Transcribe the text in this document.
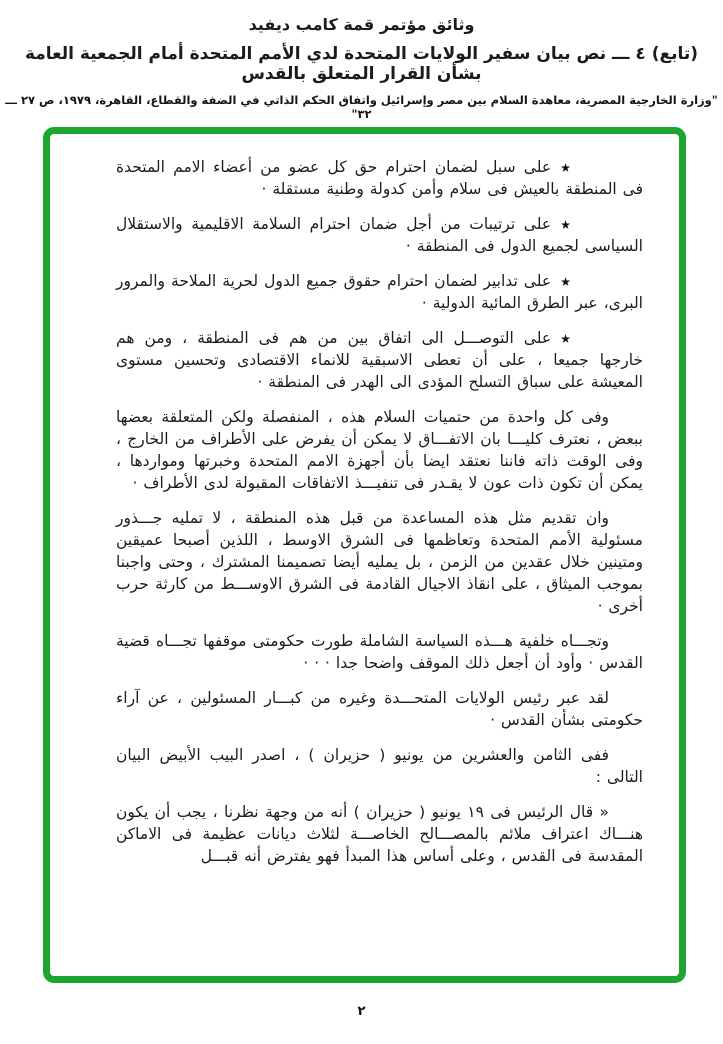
وثائق مؤتمر قمة كامب ديفيد
(تابع) ٤ ـــ نص بيان سفير الولايات المتحدة لدي الأمم المتحدة أمام الجمعية العامة بشأن القرار المتعلق بالقدس
"وزارة الخارجية المصرية، معاهدة السلام بين مصر وإسرائيل واتفاق الحكم الذاتي في الضفة والقطاع، القاهرة، ١٩٧٩، ص ٢٧ ـــ ٣٢"

٭على سبل لضمان احترام حق كل عضو من أعضاء الامم المتحدة فى المنطقة بالعيش فى سلام وأمن كدولة وطنية مستقلة ·

٭على ترتيبات من أجل ضمان احترام السلامة الاقليمية والاستقلال السياسى لجميع الدول فى المنطقة ·

٭على تدابير لضمان احترام حقوق جميع الدول لحرية الملاحة والمرور البرى، عبر الطرق المائية الدولية ·

٭على التوصـــل الى اتفاق بين من هم فى المنطقة ، ومن هم خارجها جميعا ، على أن تعطى الاسبقية للانماء الاقتصادى وتحسين مستوى المعيشة على سباق التسلح المؤدى الى الهدر فى المنطقة ·

وفى كل واحدة من حتميات السلام هذه ، المنفصلة ولكن المتعلقة بعضها ببعض ، نعترف كليـــا بان الاتفـــاق لا يمكن أن يفرض على الأطراف من الخارج ، وفى الوقت ذاته فاننا نعتقد ايضا بأن أجهزة الامم المتحدة وخبرتها ومواردها ، يمكن أن تكون ذات عون لا يقـدر فى تنفيـــذ الاتفاقات المقبولة لدى الأطراف ·

وان تقديم مثل هذه المساعدة من قبل هذه المنطقة ، لا تمليه جـــذور مسئولية الأمم المتحدة وتعاظمها فى الشرق الاوسط ، اللذين أصبحا عميقين ومتينين خلال عقدين من الزمن ، بل يمليه أيضا تصميمنا المشترك ، وحتى واجبنا بموجب الميثاق ، على انقاذ الاجيال القادمة فى الشرق الاوســـط من كارثة حرب أخرى ·

وتجـــاه خلفية هـــذه السياسة الشاملة طورت حكومتى موقفها تجـــاه قضية القدس · وأود أن أجعل ذلك الموقف واضحا جدا · · ·

لقد عبر رئيس الولايات المتحـــدة وغيره من كبـــار المسئولين ، عن آراء حكومتى بشأن القدس ·

ففى الثامن والعشرين من يونيو ( حزيران ) ، اصدر البيب الأبيض البيان التالى :

« قال الرئيس فى ١٩ يونيو ( حزيران ) أنه من وجهة نظرنا ، يجب أن يكون هنـــاك اعتراف ملائم بالمصـــالح الخاصـــة لثلاث ديانات عظيمة فى الاماكن المقدسة فى القدس ، وعلى أساس هذا المبدأ فهو يفترض أنه قبـــل

٢
